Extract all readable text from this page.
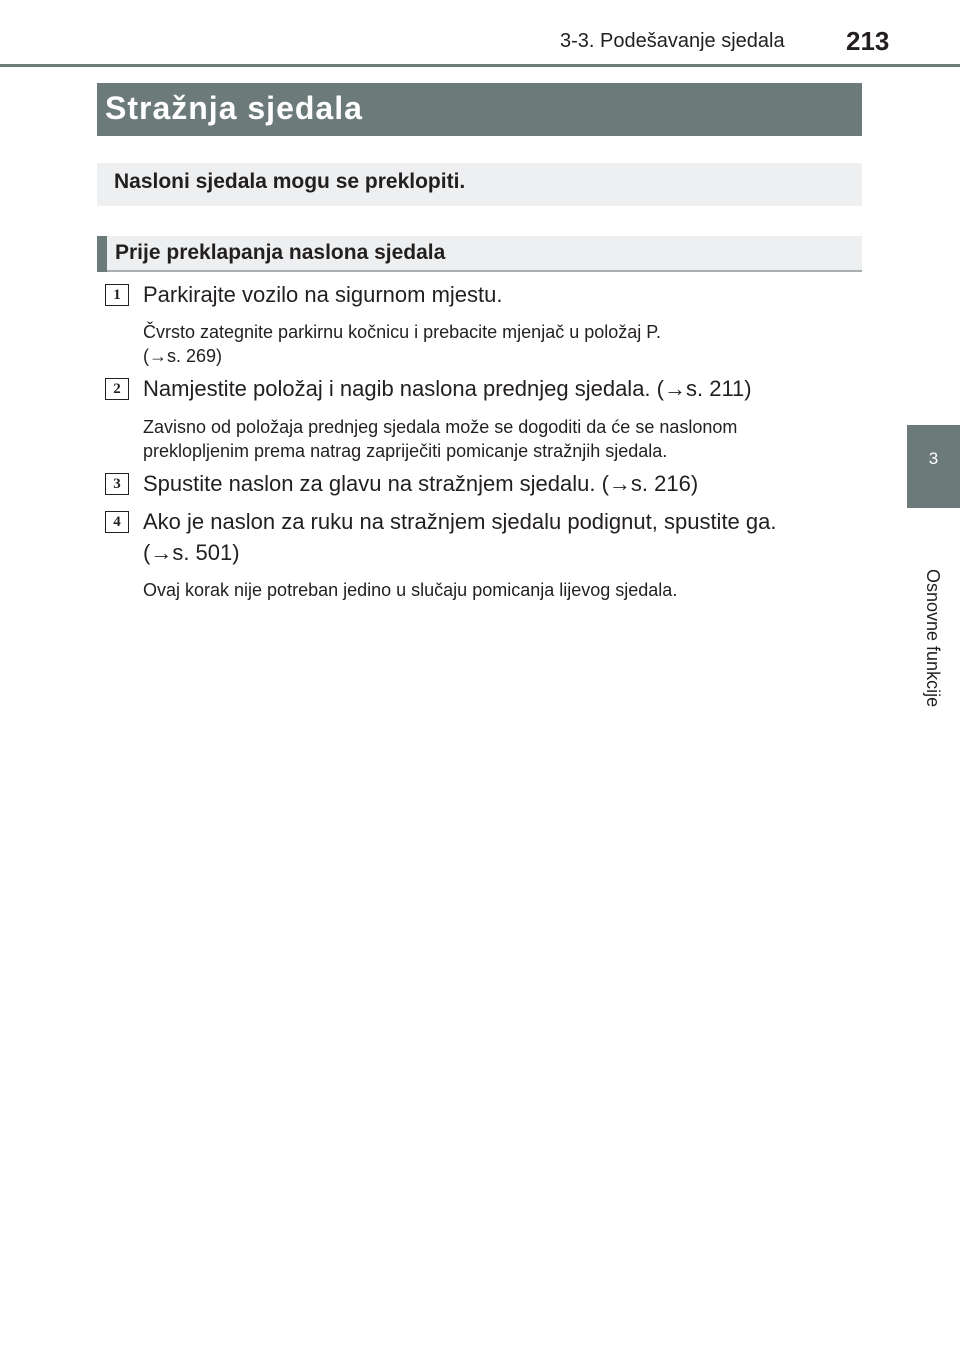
3-3. Podešavanje sjedala 213
3
Osnovne funkcije
Stražnja sjedala
Nasloni sjedala mogu se preklopiti.
Prije preklapanja naslona sjedala
1	Parkirajte vozilo na sigurnom mjestu.
Čvrsto zategnite parkirnu kočnicu i prebacite mjenjač u položaj P.
(→s. 269)
2	Namjestite položaj i nagib naslona prednjeg sjedala. (→s. 211)
Zavisno od položaja prednjeg sjedala može se dogoditi da će se naslonom
preklopljenim prema natrag zapriječiti pomicanje stražnjih sjedala.
3	Spustite naslon za glavu na stražnjem sjedalu. (→s. 216)
4	Ako je naslon za ruku na stražnjem sjedalu podignut, spustite ga.
(→s. 501)
Ovaj korak nije potreban jedino u slučaju pomicanja lijevog sjedala.
